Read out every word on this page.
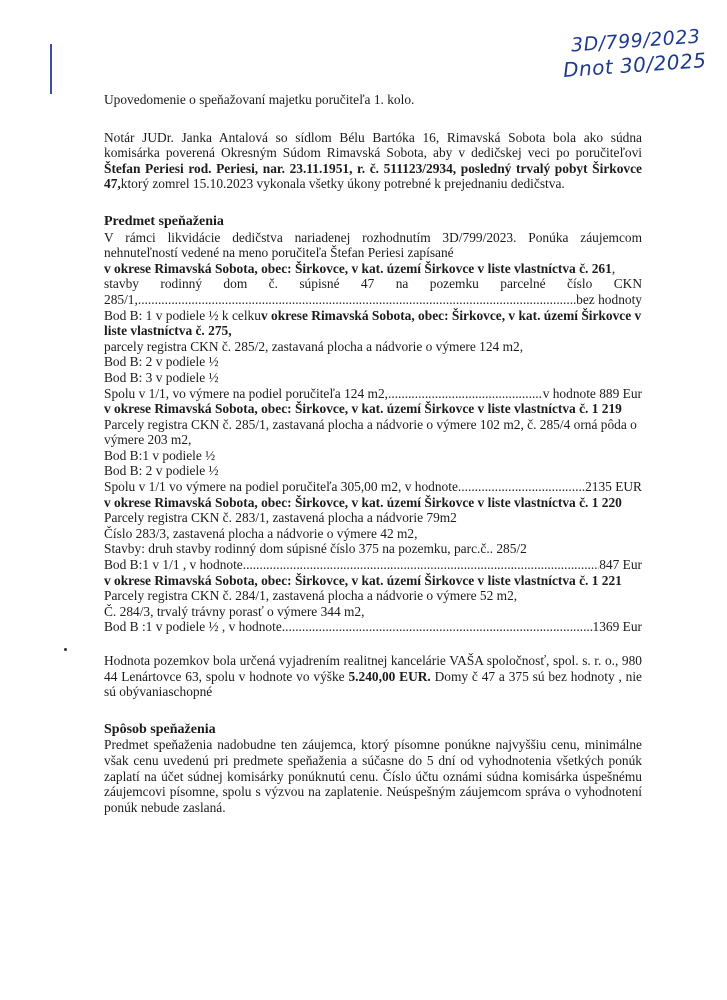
3D/799/2023
Dnot 30/2025

Upovedomenie o speňažovaní majetku poručiteľa 1. kolo.

Notár JUDr. Janka Antalová so sídlom Bélu Bartóka 16, Rimavská Sobota bola ako súdna komisárka poverená Okresným Súdom Rimavská Sobota, aby v dedičskej veci po poručiteľovi Štefan Periesi rod. Periesi, nar. 23.11.1951, r. č. 511123/2934, posledný trvalý pobyt Širkovce 47,ktorý zomrel 15.10.2023 vykonala všetky úkony potrebné k prejednaniu dedičstva.

Predmet speňaženia

V rámci likvidácie dedičstva nariadenej rozhodnutím 3D/799/2023. Ponúka záujemcom nehnuteľností vedené na meno poručiteľa Štefan Periesi zapísané

v okrese Rimavská Sobota, obec: Širkovce, v kat. území Širkovce v liste vlastníctva č. 261,

stavby rodinný dom č. súpisné 47 na pozemku parcelné číslo CKN

285/1, .....	bez hodnoty

Bod B: 1 v podiele ½ k celkuv okrese Rimavská Sobota, obec: Širkovce, v kat. území Širkovce v liste vlastníctva č. 275,

parcely registra CKN č. 285/2, zastavaná plocha a nádvorie o výmere 124 m2,

Bod B: 2 v podiele ½

Bod B: 3 v podiele ½

Spolu v 1/1, vo výmere na podiel poručiteľa 124 m2, .....	v hodnote 889 Eur

v okrese Rimavská Sobota, obec: Širkovce, v kat. území Širkovce v liste vlastníctva č. 1 219

Parcely registra CKN č. 285/1, zastavaná plocha a nádvorie o výmere 102 m2, č. 285/4 orná pôda o výmere 203 m2,

Bod B:1 v podiele ½

Bod B: 2 v podiele ½

Spolu v 1/1 vo výmere na podiel poručiteľa 305,00 m2, v hodnote .....	2135 EUR

v okrese Rimavská Sobota, obec: Širkovce, v kat. území Širkovce v liste vlastníctva č. 1 220

Parcely registra CKN č. 283/1, zastavená plocha a nádvorie 79m2

Číslo 283/3, zastavená plocha a nádvorie o výmere 42 m2,

Stavby: druh stavby rodinný dom súpisné číslo 375 na pozemku, parc.č.. 285/2

Bod B:1 v 1/1 , v hodnote .....	847 Eur

v okrese Rimavská Sobota, obec: Širkovce, v kat. území Širkovce v liste vlastníctva č. 1 221

Parcely registra CKN č. 284/1, zastavená plocha a nádvorie o výmere 52 m2,

Č. 284/3, trvalý trávny porasť o výmere 344 m2,

Bod B :1 v podiele ½ , v hodnote .....	1369 Eur

Hodnota pozemkov bola určená vyjadrením realitnej kancelárie VAŠA spoločnosť, spol. s. r. o., 980 44 Lenártovce 63, spolu v hodnote vo výške 5.240,00 EUR. Domy č 47 a 375 sú bez hodnoty , nie sú obývaniaschopné

Spôsob speňaženia

Predmet speňaženia nadobudne ten záujemca, ktorý písomne ponúkne najvyššiu cenu, minimálne však cenu uvedenú pri predmete speňaženia a súčasne do 5 dní od vyhodnotenia všetkých ponúk zaplatí na účet súdnej komisárky ponúknutú cenu. Číslo účtu oznámi súdna komisárka úspešnému záujemcovi písomne, spolu s výzvou na zaplatenie. Neúspešným záujemcom správa o vyhodnotení ponúk nebude zaslaná.
